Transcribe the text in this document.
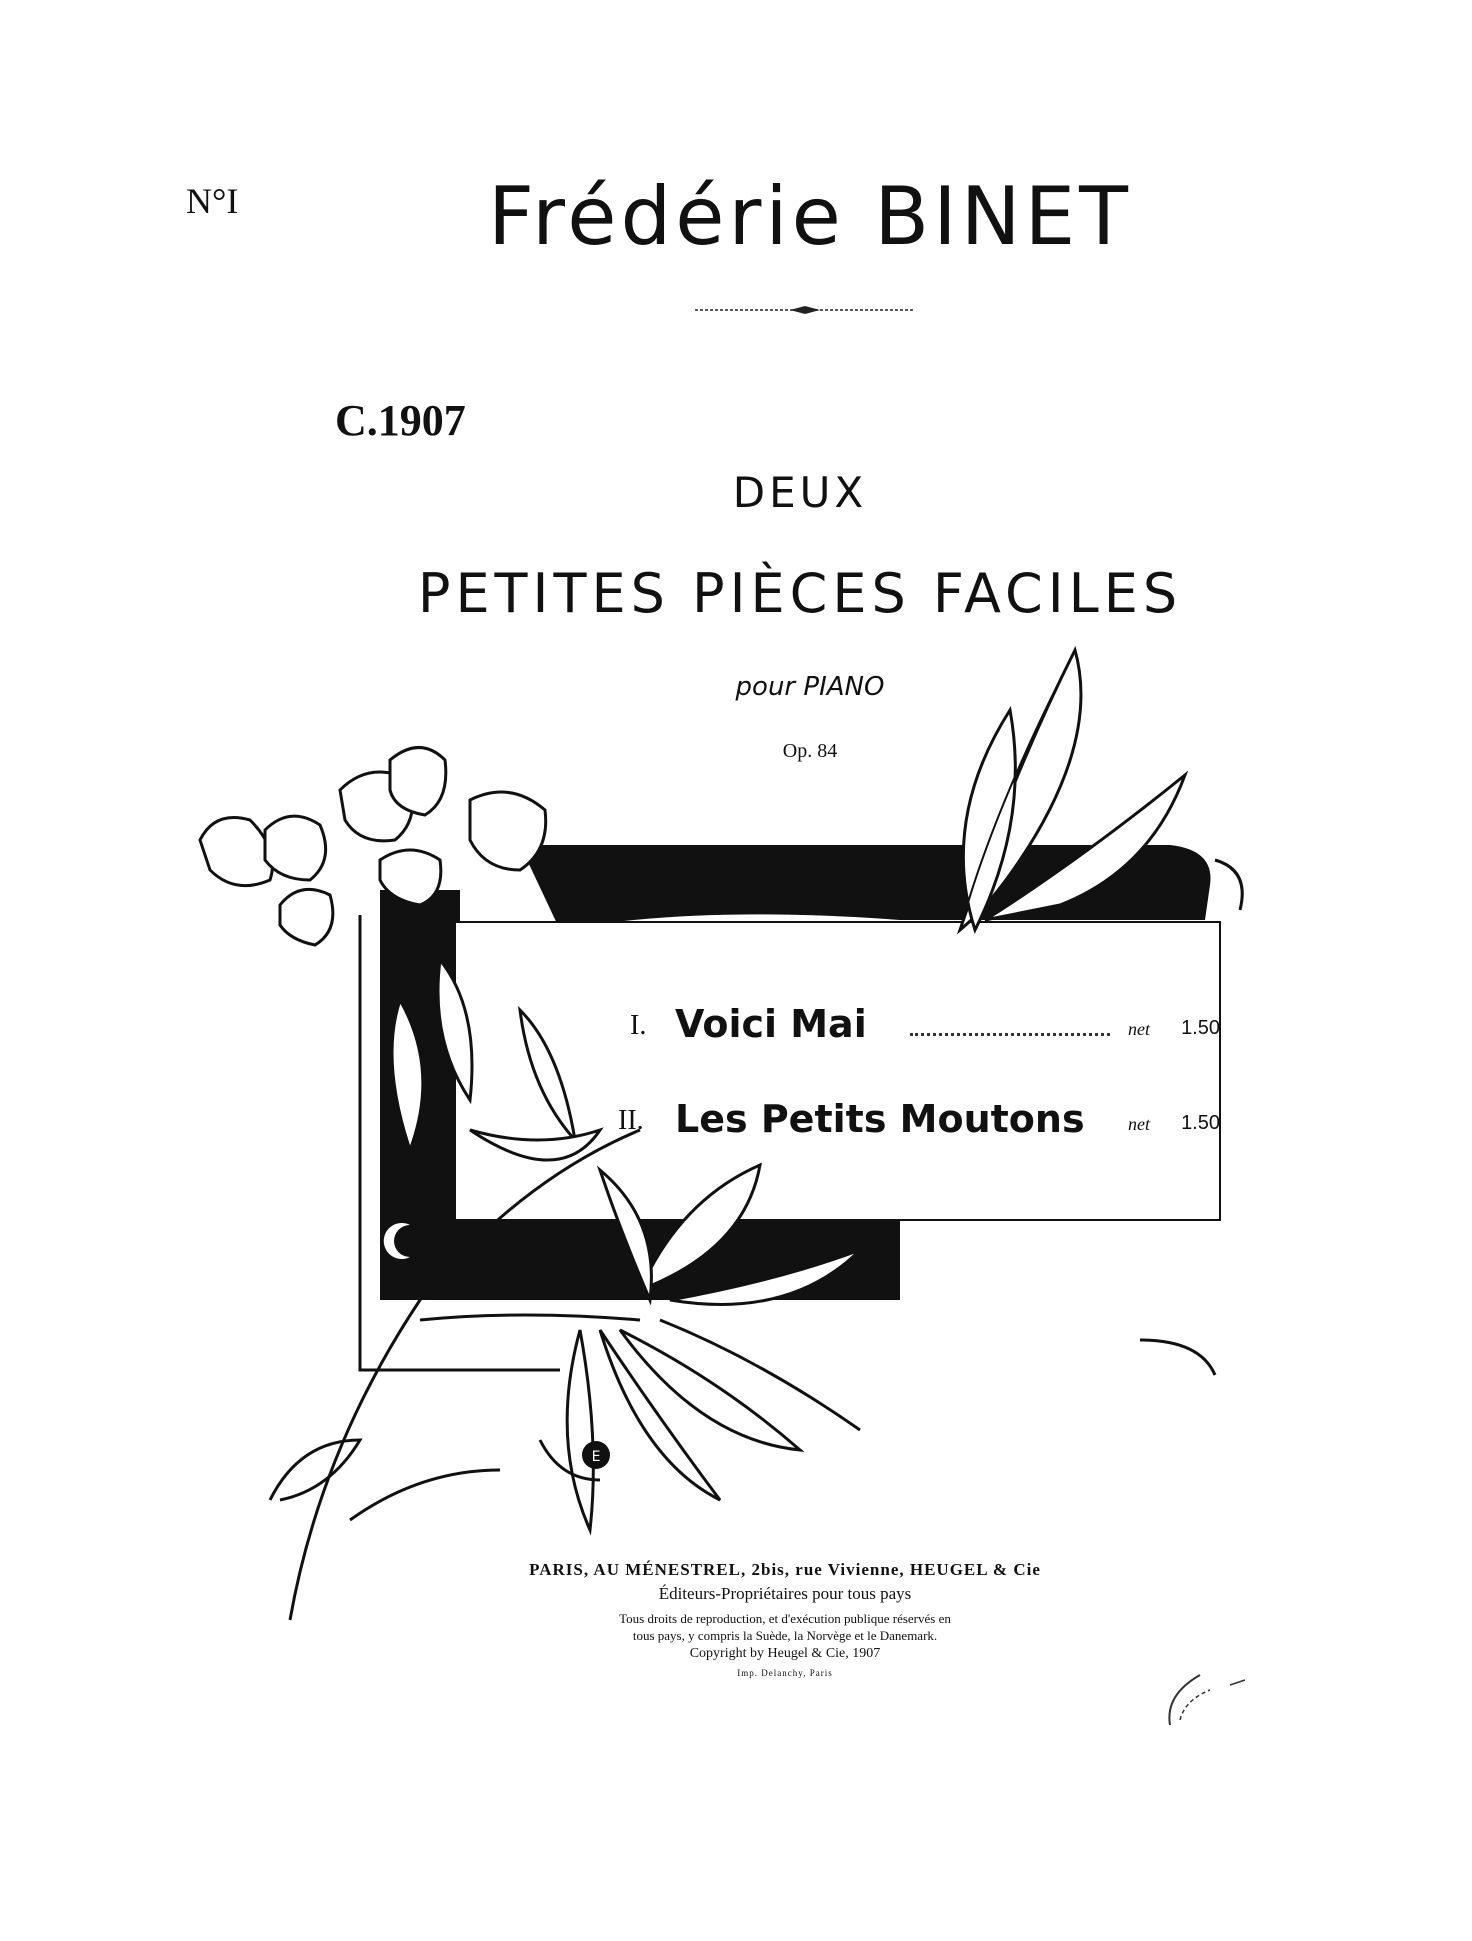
N°I	Frédérie BINET
C.1907
DEUX
PETITES PIÈCES FACILES
pour PIANO
Op. 84
E
I. Voici Mai	net 1.50
II. Les Petits Moutons net 1.50
PARIS, AU MÉNESTREL, 2bis, rue Vivienne, HEUGEL & Cie
Éditeurs-Propriétaires pour tous pays
Tous droits de reproduction, et d'exécution publique réservés en
tous pays, y compris la Suède, la Norvège et le Danemark.
Copyright by Heugel & Cie, 1907
Imp. Delanchy, Paris
